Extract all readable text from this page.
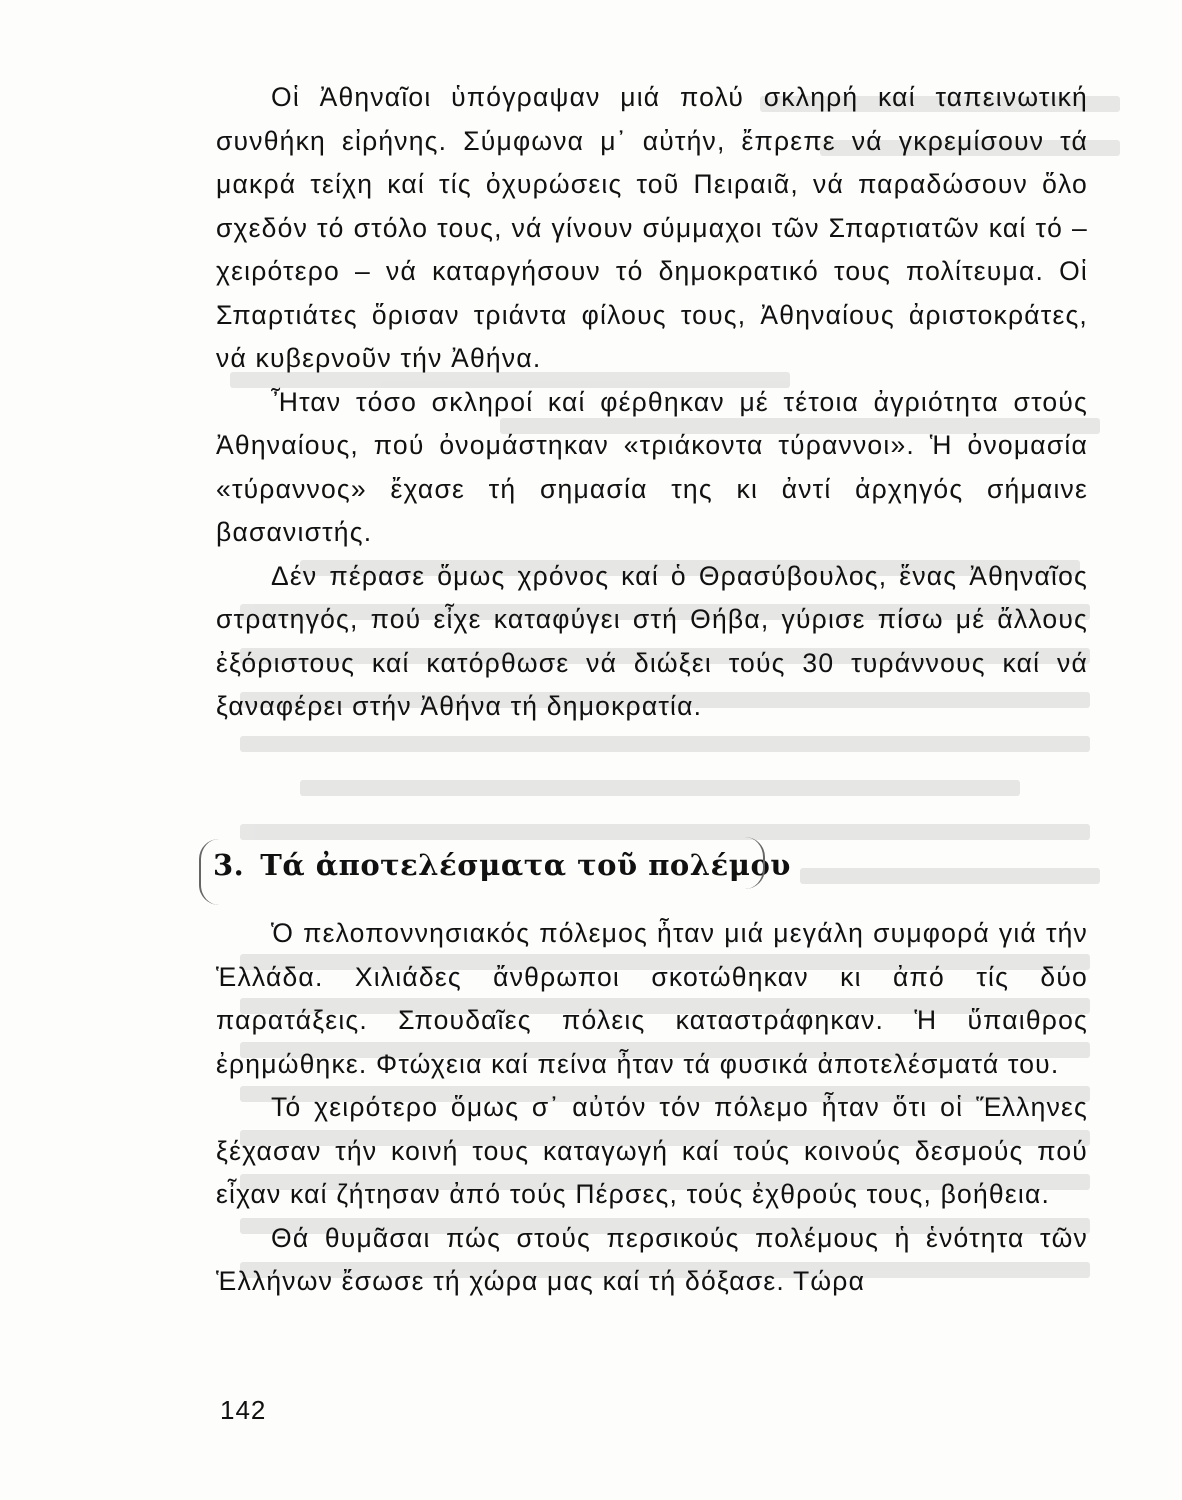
Οἱ Ἀθηναῖοι ὑπόγραψαν μιά πολύ σκληρή καί ταπεινωτική συνθήκη εἰρήνης. Σύμφωνα μ᾿ αὐτήν, ἔπρεπε νά γκρεμίσουν τά μακρά τείχη καί τίς ὀχυρώσεις τοῦ Πειραιᾶ, νά παραδώσουν ὅλο σχεδόν τό στόλο τους, νά γίνουν σύμμαχοι τῶν Σπαρτιατῶν καί τό – χειρότερο – νά καταργήσουν τό δημοκρατικό τους πολίτευμα. Οἱ Σπαρτιάτες ὅρισαν τριάντα φίλους τους, Ἀθηναίους ἀριστοκράτες, νά κυβερνοῦν τήν Ἀθήνα.

Ἦταν τόσο σκληροί καί φέρθηκαν μέ τέτοια ἀγριότητα στούς Ἀθηναίους, πού ὀνομάστηκαν «τριάκοντα τύραννοι». Ἡ ὀνομασία «τύραννος» ἔχασε τή σημασία της κι ἀντί ἀρχηγός σήμαινε βασανιστής.

Δέν πέρασε ὅμως χρόνος καί ὁ Θρασύβουλος, ἕνας Ἀθηναῖος στρατηγός, πού εἶχε καταφύγει στή Θήβα, γύρισε πίσω μέ ἄλλους ἐξόριστους καί κατόρθωσε νά διώξει τούς 30 τυράννους καί νά ξαναφέρει στήν Ἀθήνα τή δημοκρατία.

3. Τά ἀποτελέσματα τοῦ πολέμου

Ὁ πελοποννησιακός πόλεμος ἦταν μιά μεγάλη συμφορά γιά τήν Ἑλλάδα. Χιλιάδες ἄνθρωποι σκοτώθηκαν κι ἀπό τίς δύο παρατάξεις. Σπουδαῖες πόλεις καταστράφηκαν. Ἡ ὕπαιθρος ἐρημώθηκε. Φτώχεια καί πείνα ἦταν τά φυσικά ἀποτελέσματά του.

Τό χειρότερο ὅμως σ᾿ αὐτόν τόν πόλεμο ἦταν ὅτι οἱ Ἕλληνες ξέχασαν τήν κοινή τους καταγωγή καί τούς κοινούς δεσμούς πού εἶχαν καί ζήτησαν ἀπό τούς Πέρσες, τούς ἐχθρούς τους, βοήθεια.

Θά θυμᾶσαι πώς στούς περσικούς πολέμους ἡ ἑνότητα τῶν Ἑλλήνων ἔσωσε τή χώρα μας καί τή δόξασε. Τώρα

142
